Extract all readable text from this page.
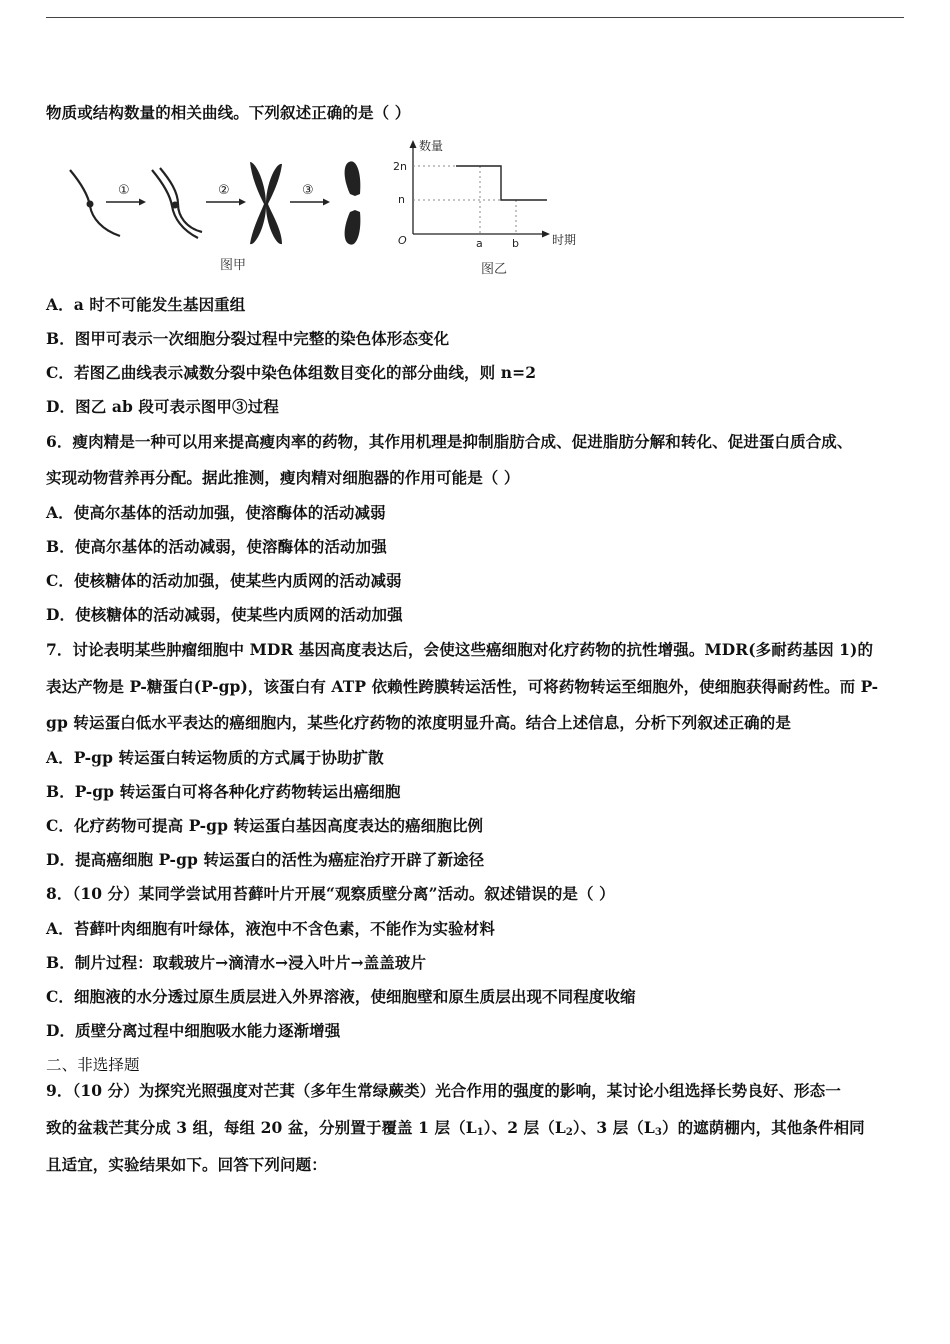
物质或结构数量的相关曲线。下列叙述正确的是（ ）
①	②	③
图甲
数量
时期
O
2n
n
a	b
图乙
A．a 时不可能发生基因重组
B．图甲可表示一次细胞分裂过程中完整的染色体形态变化
C．若图乙曲线表示减数分裂中染色体组数目变化的部分曲线，则 n=2
D．图乙 ab 段可表示图甲③过程
6．瘦肉精是一种可以用来提高瘦肉率的药物，其作用机理是抑制脂肪合成、促进脂肪分解和转化、促进蛋白质合成、
实现动物营养再分配。据此推测，瘦肉精对细胞器的作用可能是（ ）
A．使高尔基体的活动加强，使溶酶体的活动减弱
B．使高尔基体的活动减弱，使溶酶体的活动加强
C．使核糖体的活动加强，使某些内质网的活动减弱
D．使核糖体的活动减弱，使某些内质网的活动加强
7．讨论表明某些肿瘤细胞中 MDR 基因高度表达后，会使这些癌细胞对化疗药物的抗性增强。MDR(多耐药基因 1)的
表达产物是 P-糖蛋白(P-gp)，该蛋白有 ATP 依赖性跨膜转运活性，可将药物转运至细胞外，使细胞获得耐药性。而 P-
gp 转运蛋白低水平表达的癌细胞内，某些化疗药物的浓度明显升高。结合上述信息，分析下列叙述正确的是
A．P-gp 转运蛋白转运物质的方式属于协助扩散
B．P-gp 转运蛋白可将各种化疗药物转运出癌细胞
C．化疗药物可提高 P-gp 转运蛋白基因高度表达的癌细胞比例
D．提高癌细胞 P-gp 转运蛋白的活性为癌症治疗开辟了新途径
8．（10 分）某同学尝试用苔藓叶片开展“观察质壁分离”活动。叙述错误的是（ ）
A．苔藓叶肉细胞有叶绿体，液泡中不含色素，不能作为实验材料
B．制片过程：取载玻片→滴清水→浸入叶片→盖盖玻片
C．细胞液的水分透过原生质层进入外界溶液，使细胞壁和原生质层出现不同程度收缩
D．质壁分离过程中细胞吸水能力逐渐增强
二、非选择题
9．（10 分）为探究光照强度对芒萁（多年生常绿蕨类）光合作用的强度的影响，某讨论小组选择长势良好、形态一
致的盆栽芒萁分成 3 组，每组 20 盆，分别置于覆盖 1 层$(L_1)$、2 层$(L_2)$、3 层$(L_3)$的遮荫棚内，其他条件相同
且适宜，实验结果如下。回答下列问题：
